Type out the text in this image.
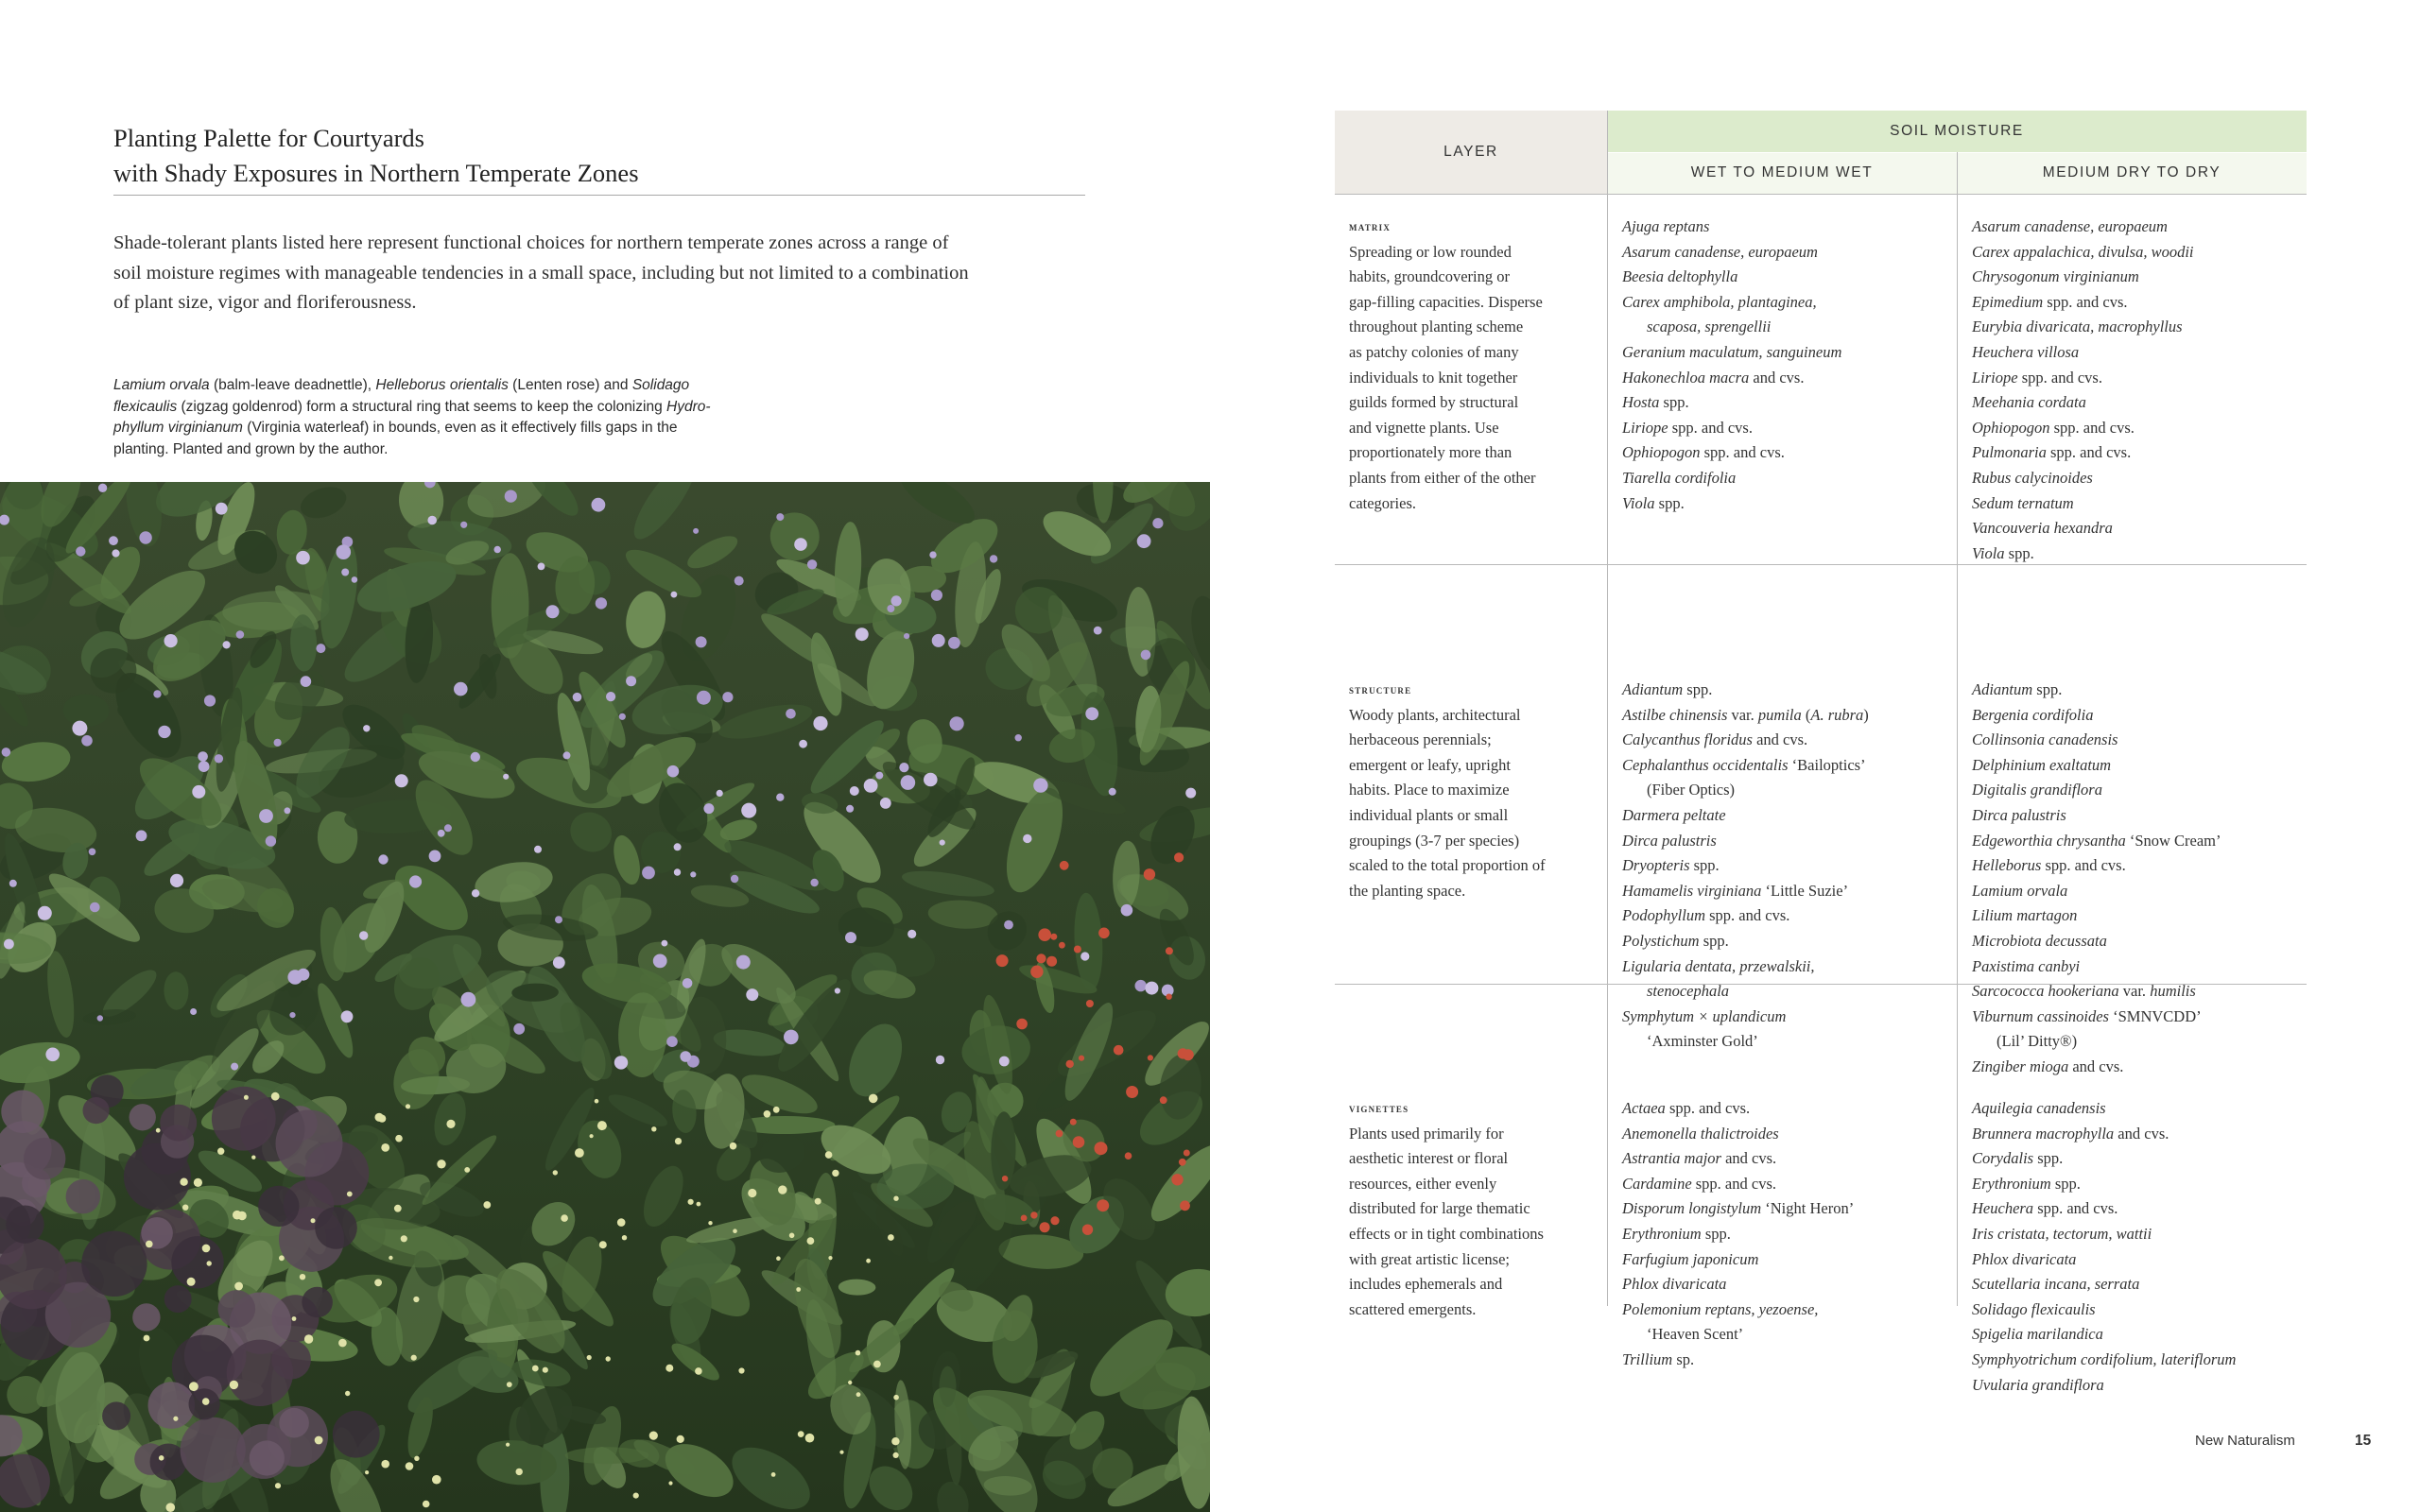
Planting Palette for Courtyards
with Shady Exposures in Northern Temperate Zones
Shade-tolerant plants listed here represent functional choices for northern temperate zones across a range of
soil moisture regimes with manageable tendencies in a small space, including but not limited to a combination
of plant size, vigor and floriferousness.
Lamium orvala (balm-leave deadnettle), Helleborus orientalis (Lenten rose) and Solidago
flexicaulis (zigzag goldenrod) form a structural ring that seems to keep the colonizing Hydro-
phyllum virginianum (Virginia waterleaf) in bounds, even as it effectively fills gaps in the
planting. Planted and grown by the author.
LAYER
SOIL MOISTURE
WET TO MEDIUM WET	MEDIUM DRY TO DRY
matrix
Spreading or low rounded
habits, groundcovering or
gap-filling capacities. Disperse
throughout planting scheme
as patchy colonies of many
individuals to knit together
guilds formed by structural
and vignette plants. Use
proportionately more than
plants from either of the other
categories.
Ajuga reptans
Asarum canadense, europaeum
Beesia deltophylla
Carex amphibola, plantaginea,
scaposa, sprengellii
Geranium maculatum, sanguineum
Hakonechloa macra and cvs.
Hosta spp.
Liriope spp. and cvs.
Ophiopogon spp. and cvs.
Tiarella cordifolia
Viola spp.
Asarum canadense, europaeum
Carex appalachica, divulsa, woodii
Chrysogonum virginianum
Epimedium spp. and cvs.
Eurybia divaricata, macrophyllus
Heuchera villosa
Liriope spp. and cvs.
Meehania cordata
Ophiopogon spp. and cvs.
Pulmonaria spp. and cvs.
Rubus calycinoides
Sedum ternatum
Vancouveria hexandra
Viola spp.
structure
Woody plants, architectural
herbaceous perennials;
emergent or leafy, upright
habits. Place to maximize
individual plants or small
groupings (3-7 per species)
scaled to the total proportion of
the planting space.
Adiantum spp.
Astilbe chinensis var. pumila (A. rubra)
Calycanthus floridus and cvs.
Cephalanthus occidentalis ‘Bailoptics’
(Fiber Optics)
Darmera peltate
Dirca palustris
Dryopteris spp.
Hamamelis virginiana ‘Little Suzie’
Podophyllum spp. and cvs.
Polystichum spp.
Ligularia dentata, przewalskii,
stenocephala
Symphytum × uplandicum
‘Axminster Gold’
Adiantum spp.
Bergenia cordifolia
Collinsonia canadensis
Delphinium exaltatum
Digitalis grandiflora
Dirca palustris
Edgeworthia chrysantha ‘Snow Cream’
Helleborus spp. and cvs.
Lamium orvala
Lilium martagon
Microbiota decussata
Paxistima canbyi
Sarcococca hookeriana var. humilis
Viburnum cassinoides ‘SMNVCDD’
(Lil’ Ditty®)
Zingiber mioga and cvs.
vignettes
Plants used primarily for
aesthetic interest or floral
resources, either evenly
distributed for large thematic
effects or in tight combinations
with great artistic license;
includes ephemerals and
scattered emergents.
Actaea spp. and cvs.
Anemonella thalictroides
Astrantia major and cvs.
Cardamine spp. and cvs.
Disporum longistylum ‘Night Heron’
Erythronium spp.
Farfugium japonicum
Phlox divaricata
Polemonium reptans, yezoense,
‘Heaven Scent’
Trillium sp.
Aquilegia canadensis
Brunnera macrophylla and cvs.
Corydalis spp.
Erythronium spp.
Heuchera spp. and cvs.
Iris cristata, tectorum, wattii
Phlox divaricata
Scutellaria incana, serrata
Solidago flexicaulis
Spigelia marilandica
Symphyotrichum cordifolium, lateriflorum
Uvularia grandiflora
New Naturalism	15
